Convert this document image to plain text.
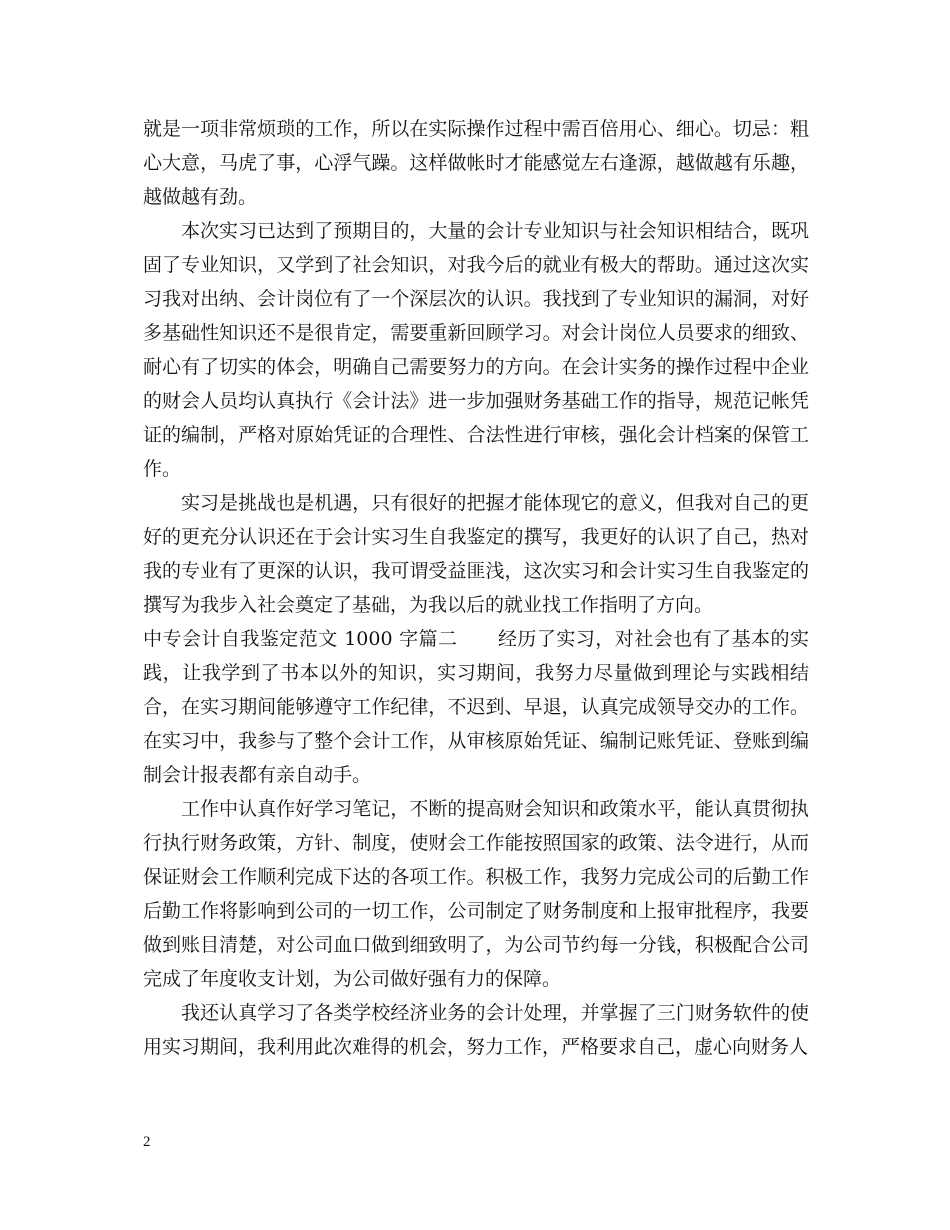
就是一项非常烦琐的工作，所以在实际操作过程中需百倍用心、细心。切忌：粗心大意，马虎了事，心浮气躁。这样做帐时才能感觉左右逢源，越做越有乐趣，越做越有劲。

本次实习已达到了预期目的，大量的会计专业知识与社会知识相结合，既巩固了专业知识，又学到了社会知识，对我今后的就业有极大的帮助。通过这次实习我对出纳、会计岗位有了一个深层次的认识。我找到了专业知识的漏洞，对好多基础性知识还不是很肯定，需要重新回顾学习。对会计岗位人员要求的细致、耐心有了切实的体会，明确自己需要努力的方向。在会计实务的操作过程中企业的财会人员均认真执行《会计法》进一步加强财务基础工作的指导，规范记帐凭证的编制，严格对原始凭证的合理性、合法性进行审核，强化会计档案的保管工作。

实习是挑战也是机遇，只有很好的把握才能体现它的意义，但我对自己的更好的更充分认识还在于会计实习生自我鉴定的撰写，我更好的认识了自己，热对我的专业有了更深的认识，我可谓受益匪浅，这次实习和会计实习生自我鉴定的撰写为我步入社会奠定了基础，为我以后的就业找工作指明了方向。

中专会计自我鉴定范文 1000 字篇二 经历了实习，对社会也有了基本的实践，让我学到了书本以外的知识，实习期间，我努力尽量做到理论与实践相结合，在实习期间能够遵守工作纪律，不迟到、早退，认真完成领导交办的工作。在实习中，我参与了整个会计工作，从审核原始凭证、编制记账凭证、登账到编制会计报表都有亲自动手。

工作中认真作好学习笔记，不断的提高财会知识和政策水平，能认真贯彻执行执行财务政策，方针、制度，使财会工作能按照国家的政策、法令进行，从而保证财会工作顺利完成下达的各项工作。积极工作，我努力完成公司的后勤工作后勤工作将影响到公司的一切工作，公司制定了财务制度和上报审批程序，我要做到账目清楚，对公司血口做到细致明了，为公司节约每一分钱，积极配合公司完成了年度收支计划，为公司做好强有力的保障。

我还认真学习了各类学校经济业务的会计处理，并掌握了三门财务软件的使用实习期间，我利用此次难得的机会，努力工作，严格要求自己，虚心向财务人

2
